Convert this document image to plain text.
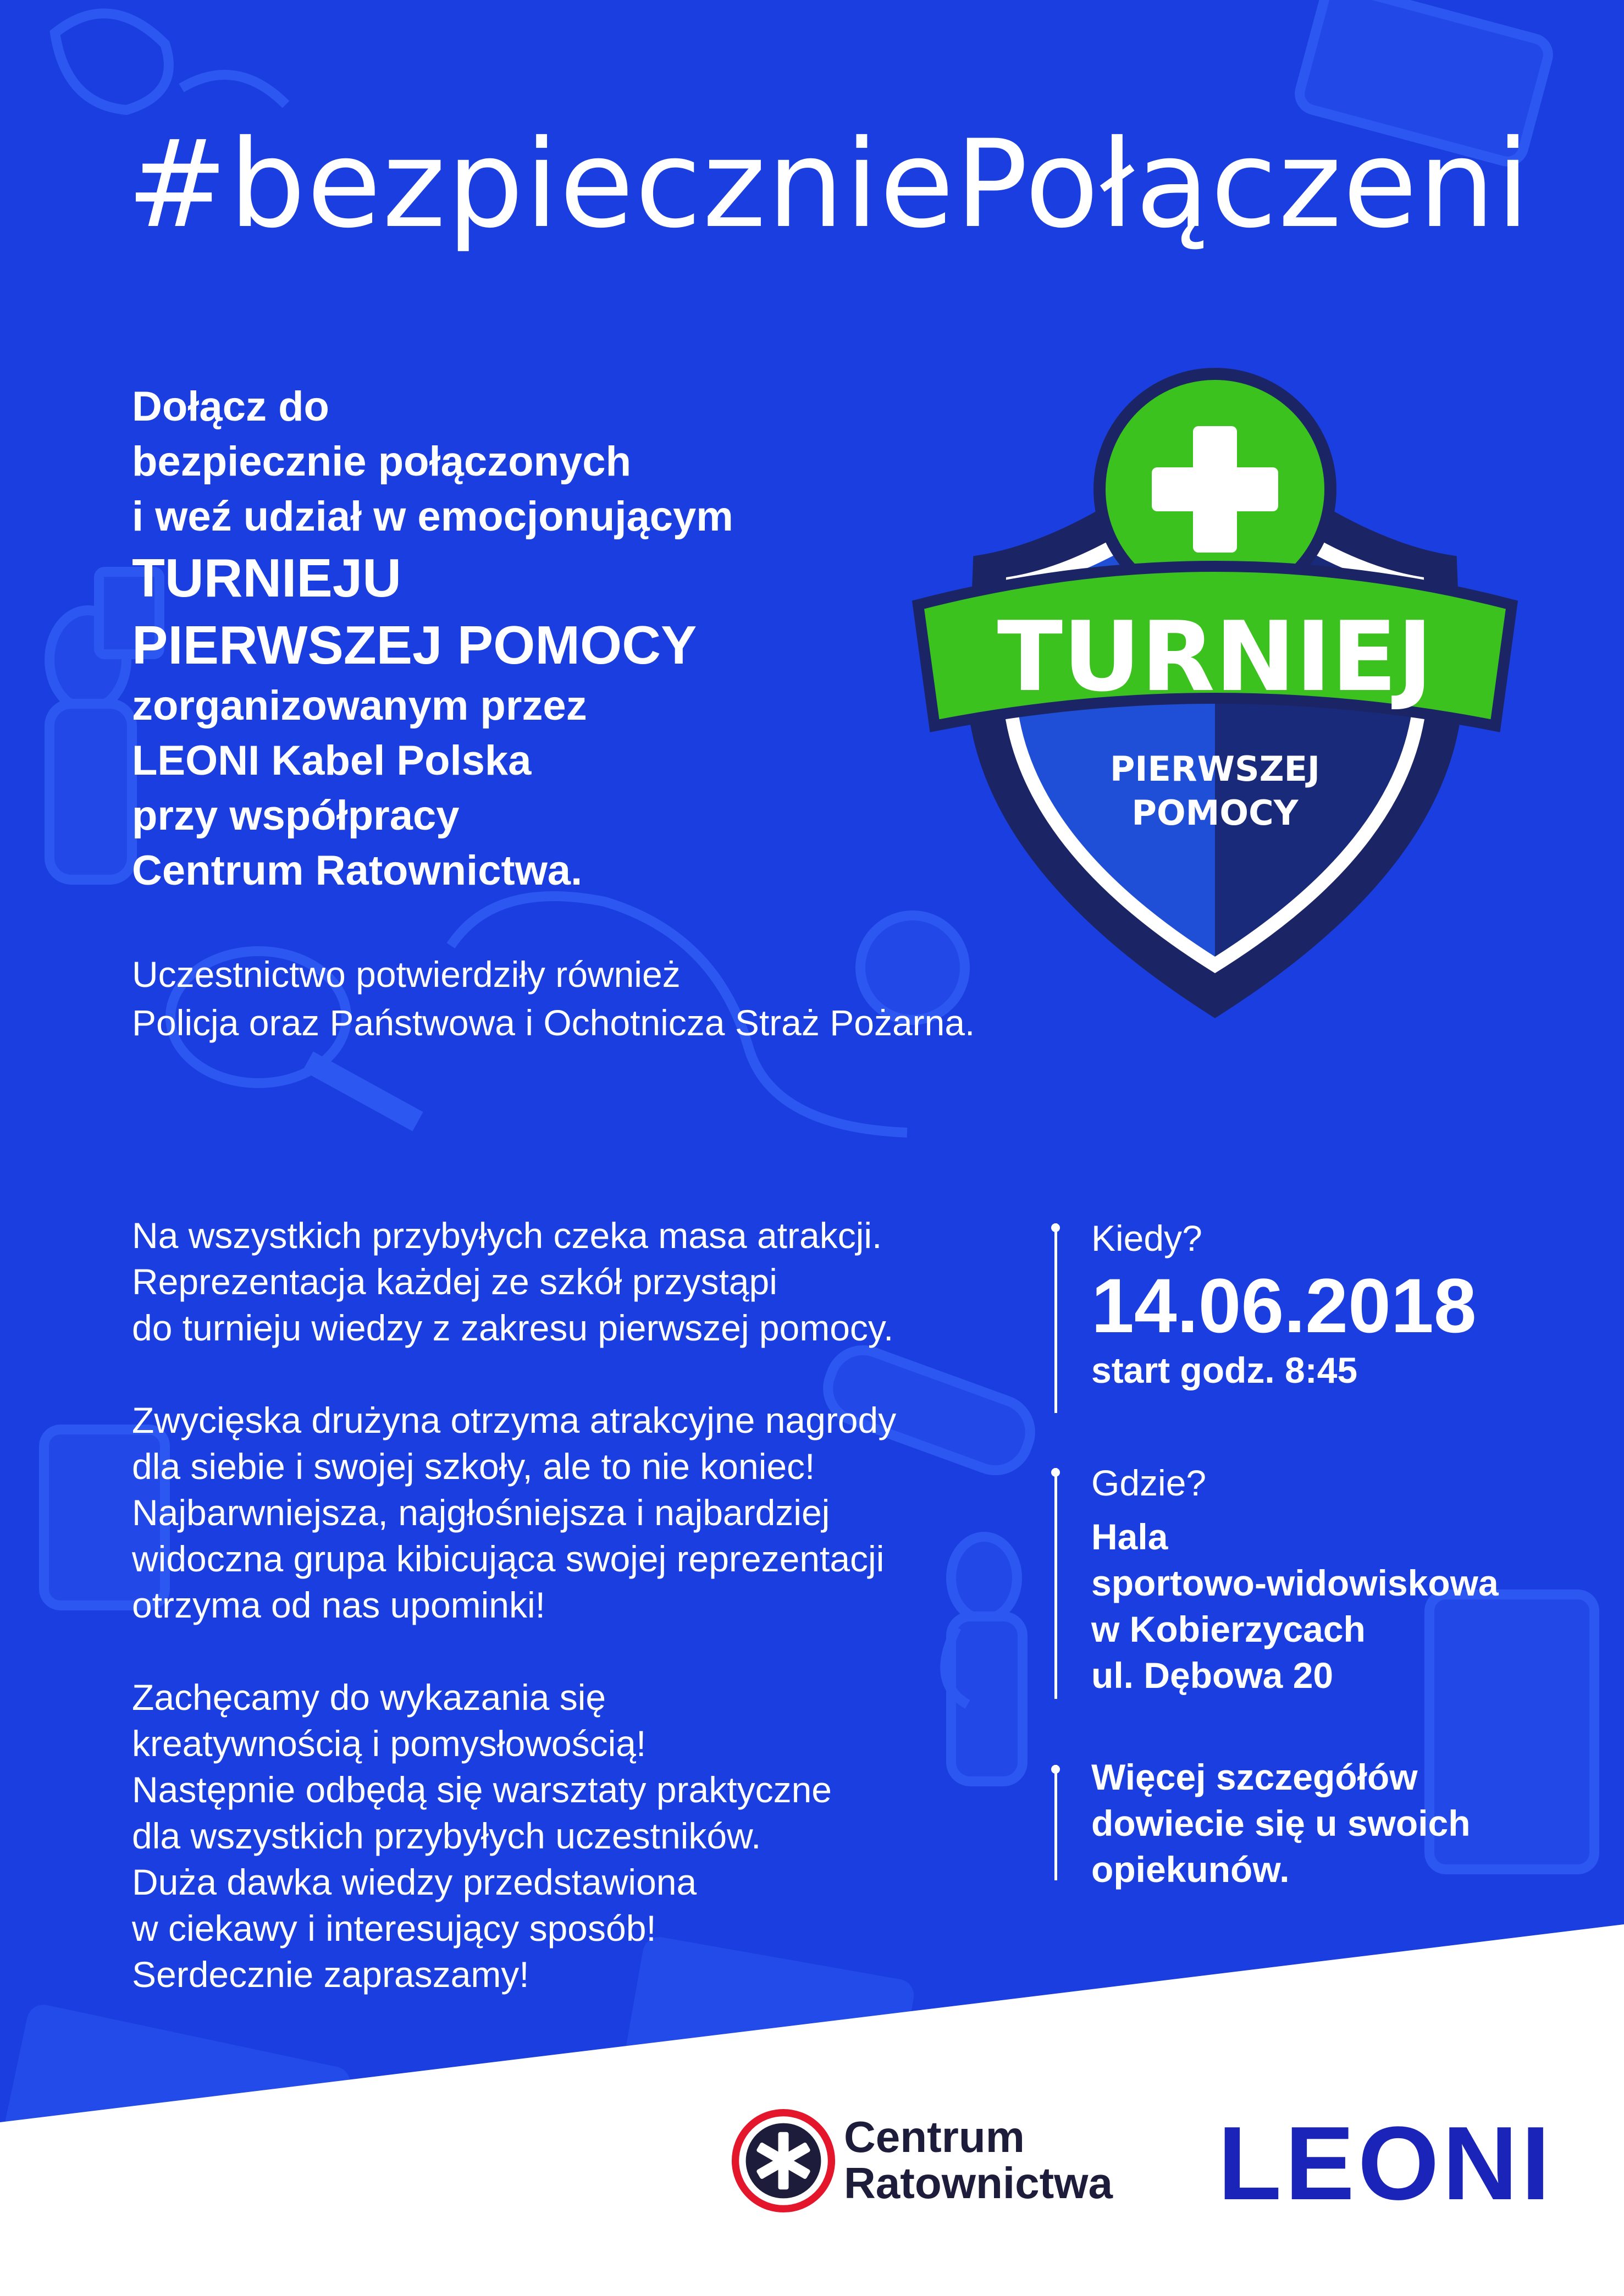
#bezpieczniePołączeni
Dołącz do
bezpiecznie połączonych
i weź udział w emocjonującym
TURNIEJU
PIERWSZEJ POMOCY
zorganizowanym przez
LEONI Kabel Polska
przy współpracy
Centrum Ratownictwa.
Uczestnictwo potwierdziły również
Policja oraz Państwowa i Ochotnicza Straż Pożarna.
TURNIEJ
PIERWSZEJ
POMOCY
Na wszystkich przybyłych czeka masa atrakcji.
Reprezentacja każdej ze szkół przystąpi
do turnieju wiedzy z zakresu pierwszej pomocy.
Zwycięska drużyna otrzyma atrakcyjne nagrody
dla siebie i swojej szkoły, ale to nie koniec!
Najbarwniejsza, najgłośniejsza i najbardziej
widoczna grupa kibicująca swojej reprezentacji
otrzyma od nas upominki!
Zachęcamy do wykazania się
kreatywnością i pomysłowością!
Następnie odbędą się warsztaty praktyczne
dla wszystkich przybyłych uczestników.
Duża dawka wiedzy przedstawiona
w ciekawy i interesujący sposób!
Serdecznie zapraszamy!
Kiedy?
14.06.2018
start godz. 8:45
Gdzie?
Hala
sportowo-widowiskowa
w Kobierzycach
ul. Dębowa 20
Więcej szczegółów
dowiecie się u swoich
opiekunów.
Centrum
Ratownictwa LEONI
